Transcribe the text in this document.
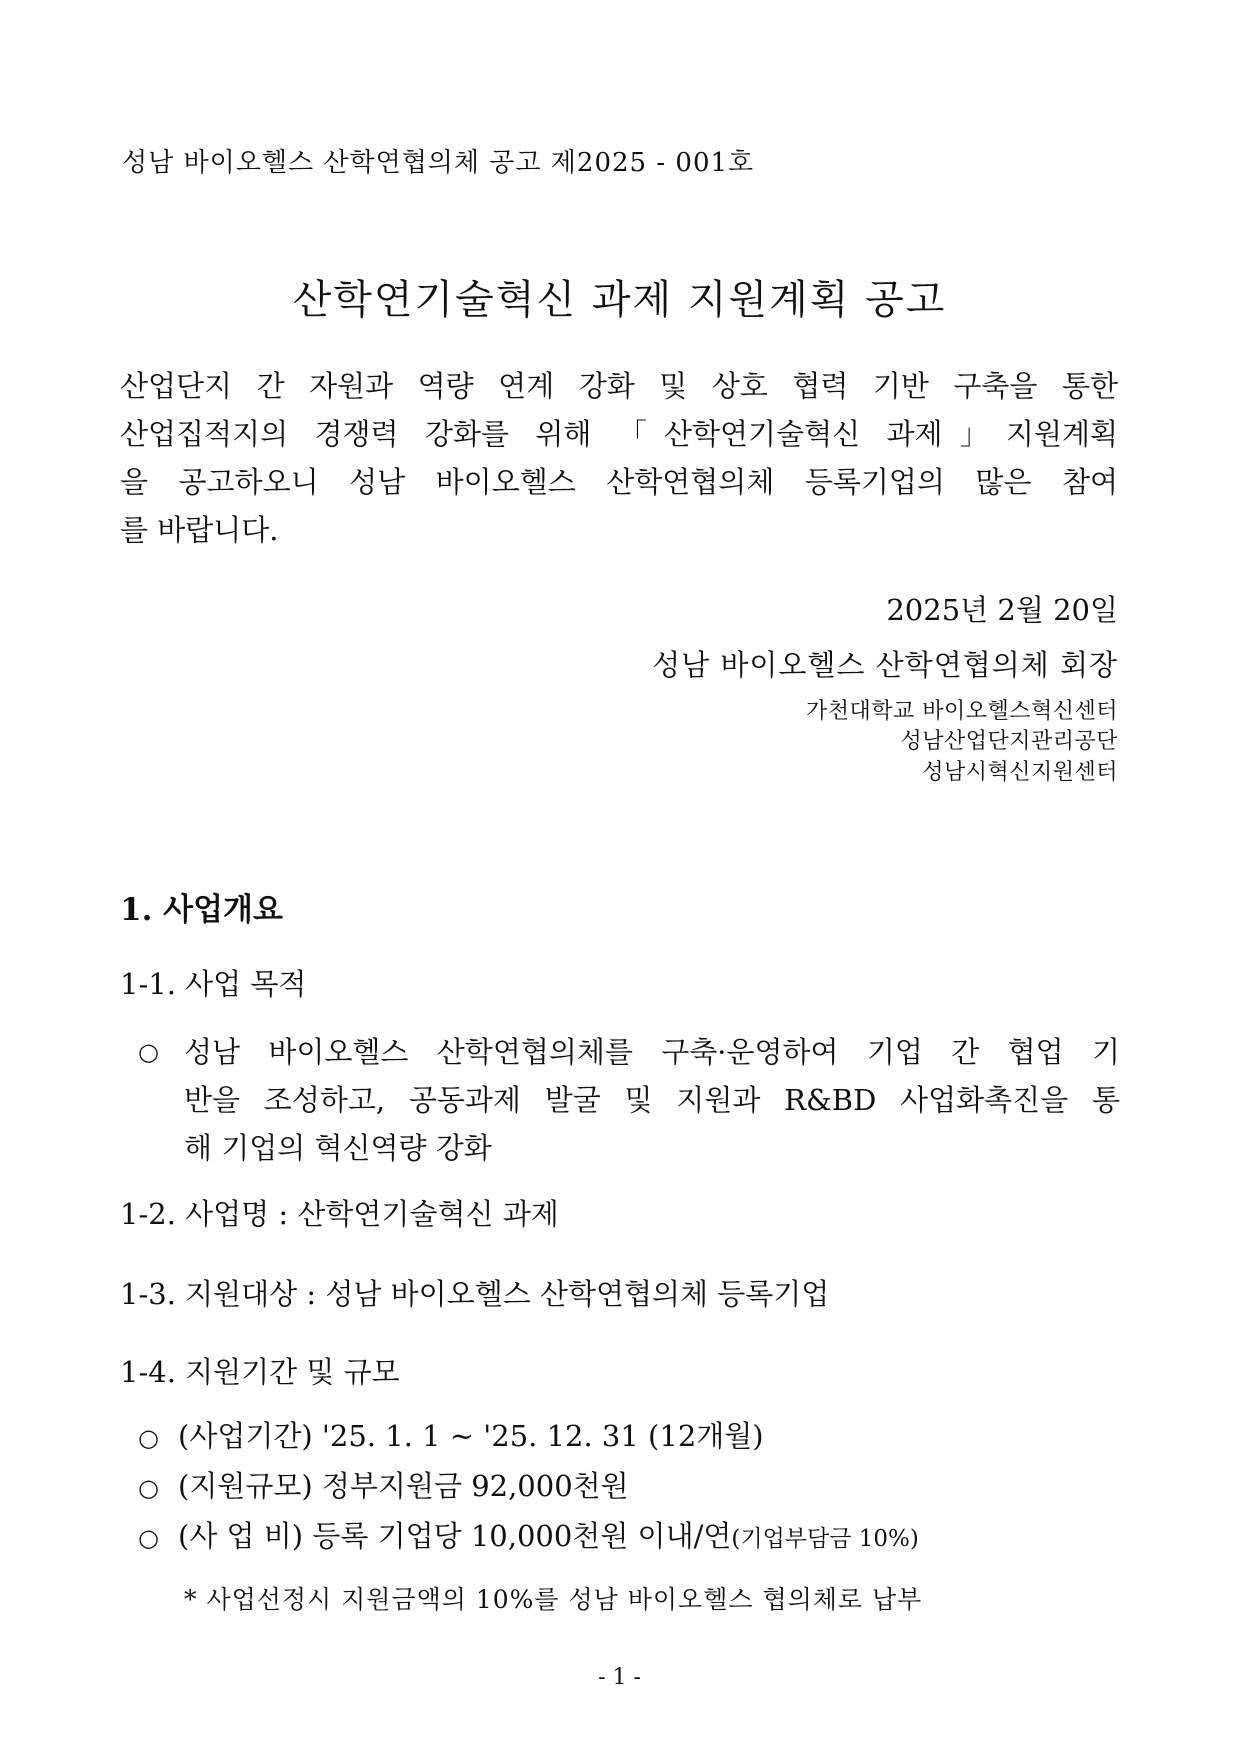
성남 바이오헬스 산학연협의체 공고 제2025 - 001호
산학연기술혁신 과제 지원계획 공고
산업단지 간 자원과 역량 연계 강화 및 상호 협력 기반 구축을 통한
산업집적지의 경쟁력 강화를 위해 「산학연기술혁신 과제」지원계획
을 공고하오니 성남 바이오헬스 산학연협의체 등록기업의 많은 참여
를 바랍니다.
2025년 2월 20일
성남 바이오헬스 산학연협의체 회장
가천대학교 바이오헬스혁신센터
성남산업단지관리공단
성남시혁신지원센터
1. 사업개요
1-1. 사업 목적
○ 성남 바이오헬스 산학연협의체를 구축·운영하여 기업 간 협업 기
반을 조성하고, 공동과제 발굴 및 지원과 R&BD 사업화촉진을 통
해 기업의 혁신역량 강화
1-2. 사업명 : 산학연기술혁신 과제
1-3. 지원대상 : 성남 바이오헬스 산학연협의체 등록기업
1-4. 지원기간 및 규모
○ (사업기간) '25. 1. 1 ~ '25. 12. 31 (12개월)
○ (지원규모) 정부지원금 92,000천원
○ (사 업 비) 등록 기업당 10,000천원 이내/연(기업부담금 10%)
* 사업선정시 지원금액의 10%를 성남 바이오헬스 협의체로 납부
- 1 -
